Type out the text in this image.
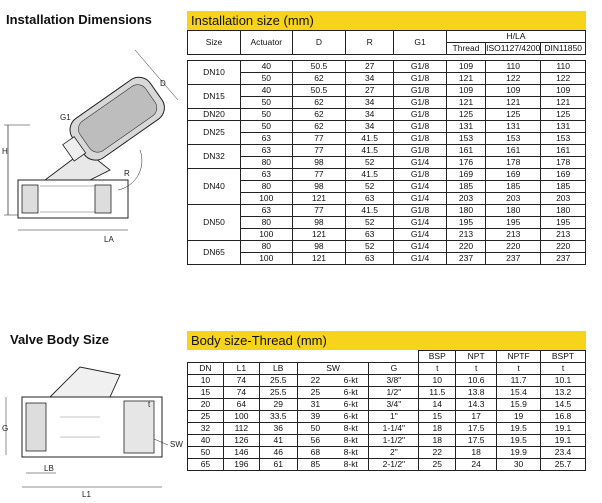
Installation Dimensions	Installation size (mm)
H
LA
G1
R
D
Size	Actuator	D	R	G1	H/LA		
					Thread	ISO1127/4200	DIN11850

DN10	40	50.5	27	G1/8	109	110	110
	50	62	34	G1/8	121	122	122
DN15	40	50.5	27	G1/8	109	109	109
	50	62	34	G1/8	121	121	121
DN20	50	62	34	G1/8	125	125	125
DN25	50	62	34	G1/8	131	131	131
	63	77	41.5	G1/8	153	153	153
DN32	63	77	41.5	G1/8	161	161	161
	80	98	52	G1/4	176	178	178
DN40	63	77	41.5	G1/8	169	169	169
	80	98	52	G1/4	185	185	185
	100	121	63	G1/4	203	203	203
DN50	63	77	41.5	G1/8	180	180	180
	80	98	52	G1/4	195	195	195
	100	121	63	G1/4	213	213	213
DN65	80	98	52	G1/4	220	220	220
	100	121	63	G1/4	237	237	237
Valve Body Size	Body size-Thread (mm)
G
t
SW
LB
L1
						BSP	NPT	NPTF	BSPT
DN	L1	LB	SW		G	t	t	t	t
10	74	25.5	22	6-kt	3/8"	10	10.6	11.7	10.1
15	74	25.5	25	6-kt	1/2"	11.5	13.8	15.4	13.2
20	64	29	31	6-kt	3/4"	14	14.3	15.9	14.5
25	100	33.5	39	6-kt	1"	15	17	19	16.8
32	112	36	50	8-kt	1-1/4"	18	17.5	19.5	19.1
40	126	41	56	8-kt	1-1/2"	18	17.5	19.5	19.1
50	146	46	68	8-kt	2"	22	18	19.9	23.4
65	196	61	85	8-kt	2-1/2"	25	24	30	25.7
